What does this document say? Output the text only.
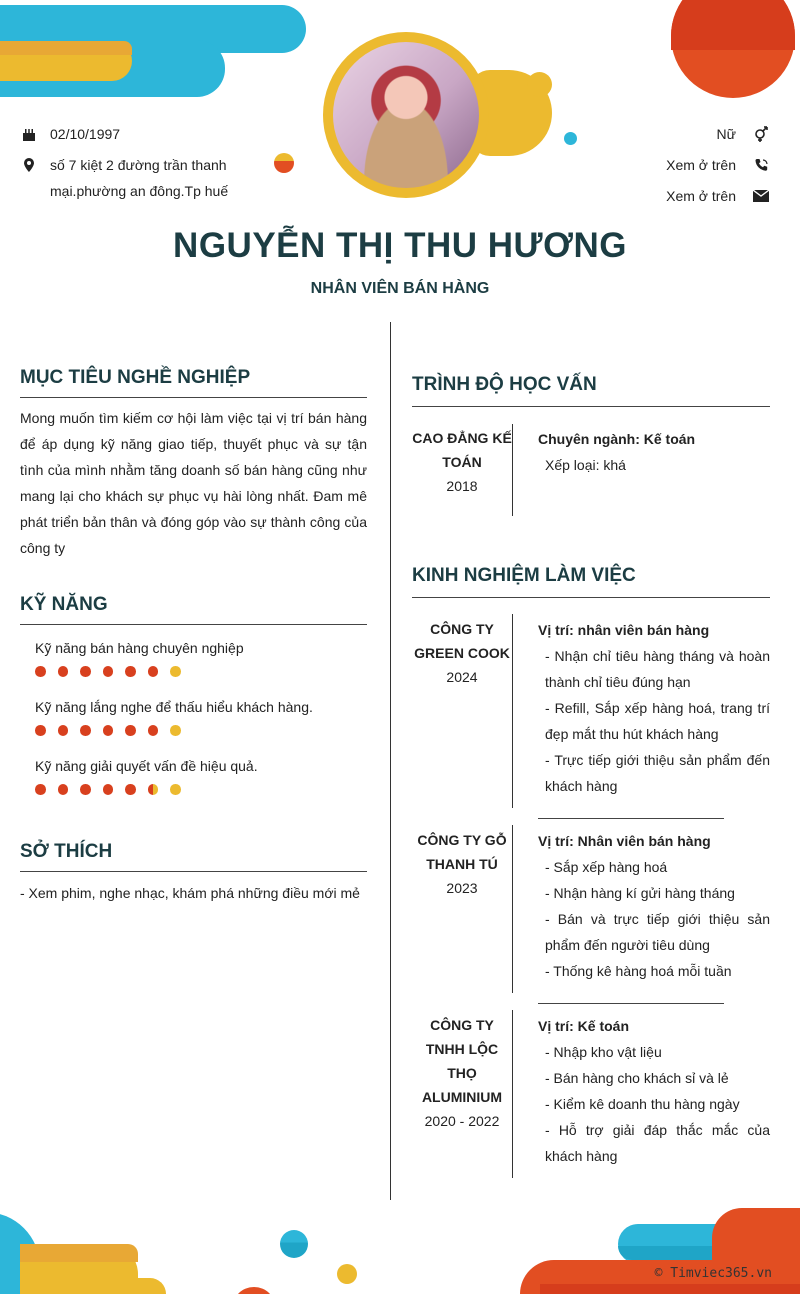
02/10/1997
số 7 kiệt 2 đường trần thanh mại.phường an đông.Tp huế
Nữ
Xem ở trên
Xem ở trên
NGUYỄN THỊ THU HƯƠNG
NHÂN VIÊN BÁN HÀNG
MỤC TIÊU NGHỀ NGHIỆP
Mong muốn tìm kiếm cơ hội làm việc tại vị trí bán hàng để áp dụng kỹ năng giao tiếp, thuyết phục và sự tận tình của mình nhằm tăng doanh số bán hàng cũng như mang lại cho khách sự phục vụ hài lòng nhất. Đam mê phát triển bản thân và đóng góp vào sự thành công của công ty
KỸ NĂNG
Kỹ năng bán hàng chuyên nghiệp
Kỹ năng lắng nghe để thấu hiểu khách hàng.
Kỹ năng giải quyết vấn đề hiệu quả.
SỞ THÍCH
- Xem phim, nghe nhạc, khám phá những điều mới mẻ
TRÌNH ĐỘ HỌC VẤN
CAO ĐẲNG KẾ
TOÁN
2018
Chuyên ngành: Kế toán
Xếp loại: khá
KINH NGHIỆM LÀM VIỆC
CÔNG TY
GREEN COOK
2024
Vị trí: nhân viên bán hàng
- Nhận chỉ tiêu hàng tháng và hoàn thành chỉ tiêu đúng hạn
- Refill, Sắp xếp hàng hoá, trang trí đẹp mắt thu hút khách hàng
- Trực tiếp giới thiệu sản phẩm đến khách hàng
CÔNG TY GỖ
THANH TÚ
2023
Vị trí: Nhân viên bán hàng
- Sắp xếp hàng hoá
- Nhận hàng kí gửi hàng tháng
- Bán và trực tiếp giới thiệu sản phẩm đến người tiêu dùng
- Thống kê hàng hoá mỗi tuần
CÔNG TY
TNHH LỘC
THỌ
ALUMINIUM
2020 - 2022
Vị trí: Kế toán
- Nhập kho vật liệu
- Bán hàng cho khách sỉ và lẻ
- Kiểm kê doanh thu hàng ngày
- Hỗ trợ giải đáp thắc mắc của khách hàng
© Timviec365.vn
